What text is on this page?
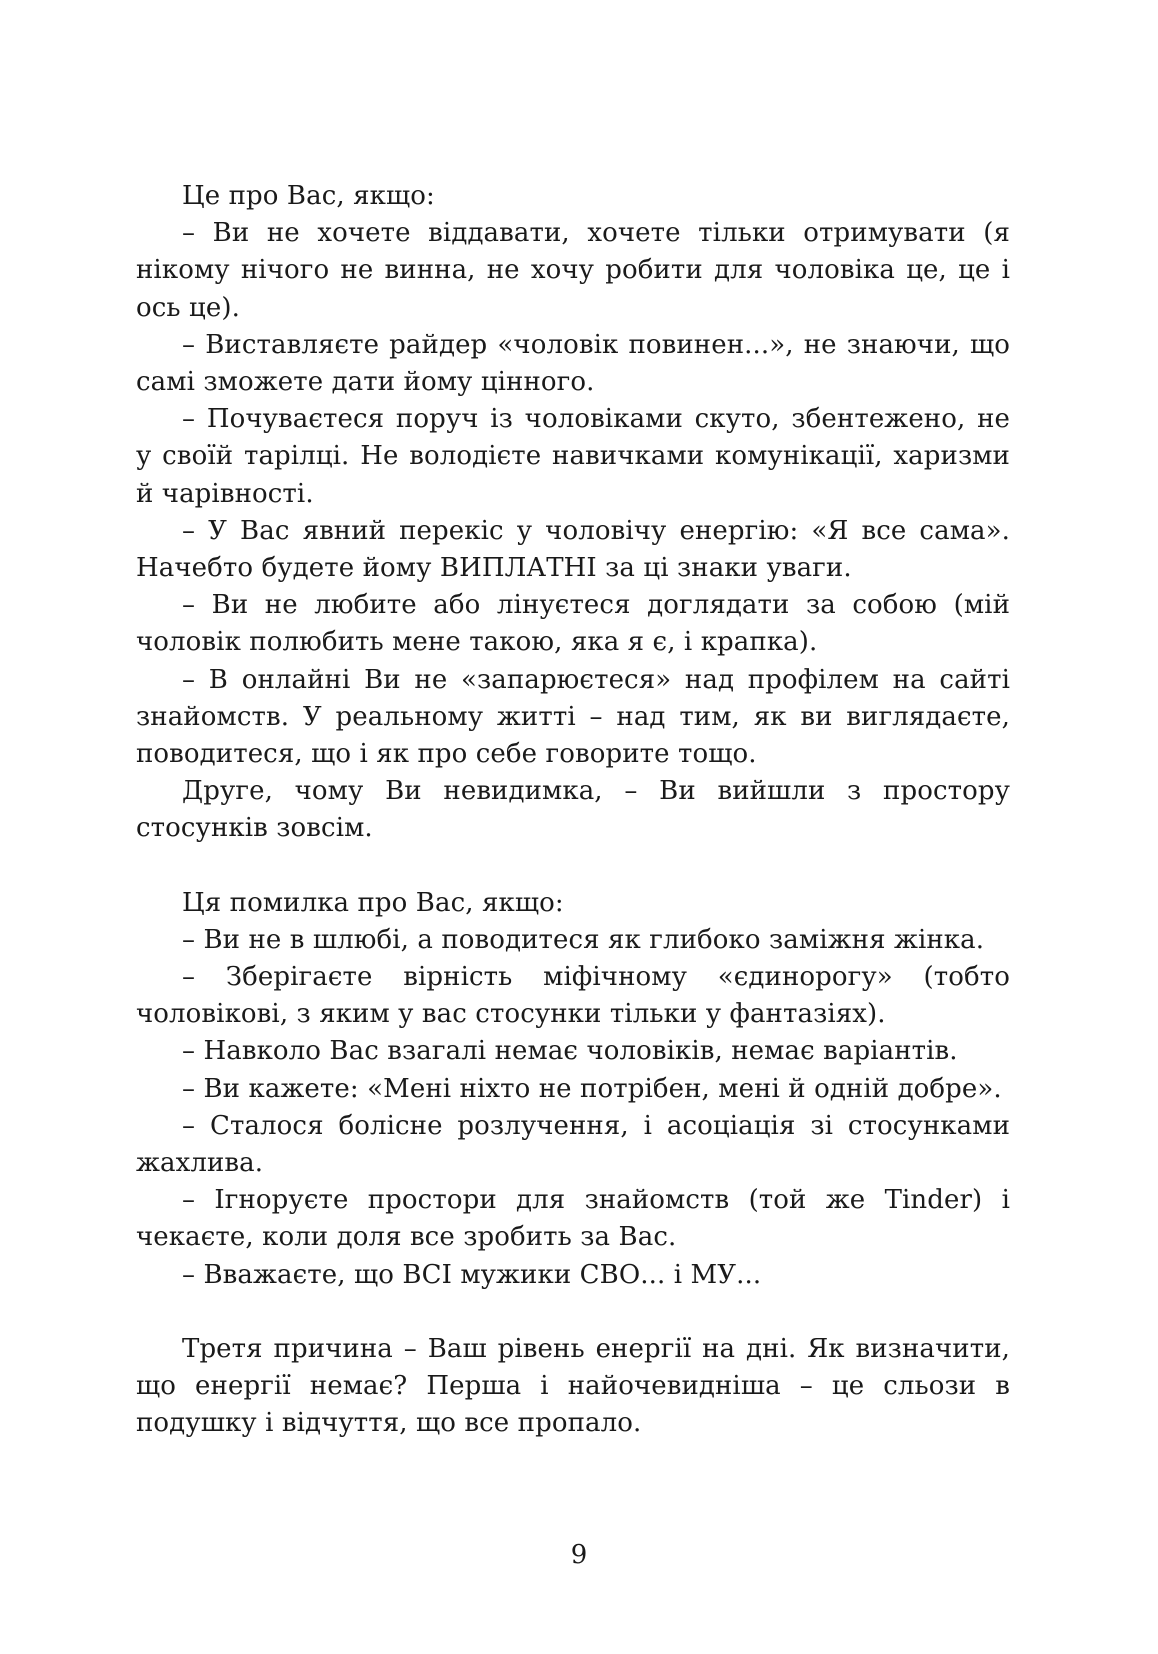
Це про Вас, якщо:

– Ви не хочете віддавати, хочете тільки отримувати (я нікому нічого не винна, не хочу робити для чоловіка це, це і ось це).

– Виставляєте райдер «чоловік повинен...», не знаючи, що самі зможете дати йому цінного.

– Почуваєтеся поруч із чоловіками скуто, збентежено, не у своїй тарілці. Не володієте навичками комунікації, харизми й чарівності.

– У Вас явний перекіс у чоловічу енергію: «Я все сама». Начебто будете йому ВИПЛАТНІ за ці знаки уваги.

– Ви не любите або лінуєтеся доглядати за собою (мій чоловік полюбить мене такою, яка я є, і крапка).

– В онлайні Ви не «запарюєтеся» над профілем на сайті знайомств. У реальному житті – над тим, як ви виглядаєте, поводитеся, що і як про себе говорите тощо.

Друге, чому Ви невидимка, – Ви вийшли з простору стосунків зовсім.

Ця помилка про Вас, якщо:

– Ви не в шлюбі, а поводитеся як глибоко заміжня жінка.

– Зберігаєте вірність міфічному «єдинорогу» (тобто чоловікові, з яким у вас стосунки тільки у фантазіях).

– Навколо Вас взагалі немає чоловіків, немає варіантів.

– Ви кажете: «Мені ніхто не потрібен, мені й одній добре».

– Сталося болісне розлучення, і асоціація зі стосунками жахлива.

– Ігноруєте простори для знайомств (той же Tinder) і чекаєте, коли доля все зробить за Вас.

– Вважаєте, що ВСІ мужики СВО... і МУ...

Третя причина – Ваш рівень енергії на дні. Як визначити, що енергії немає? Перша і найочевидніша – це сльози в подушку і відчуття, що все пропало.

9
